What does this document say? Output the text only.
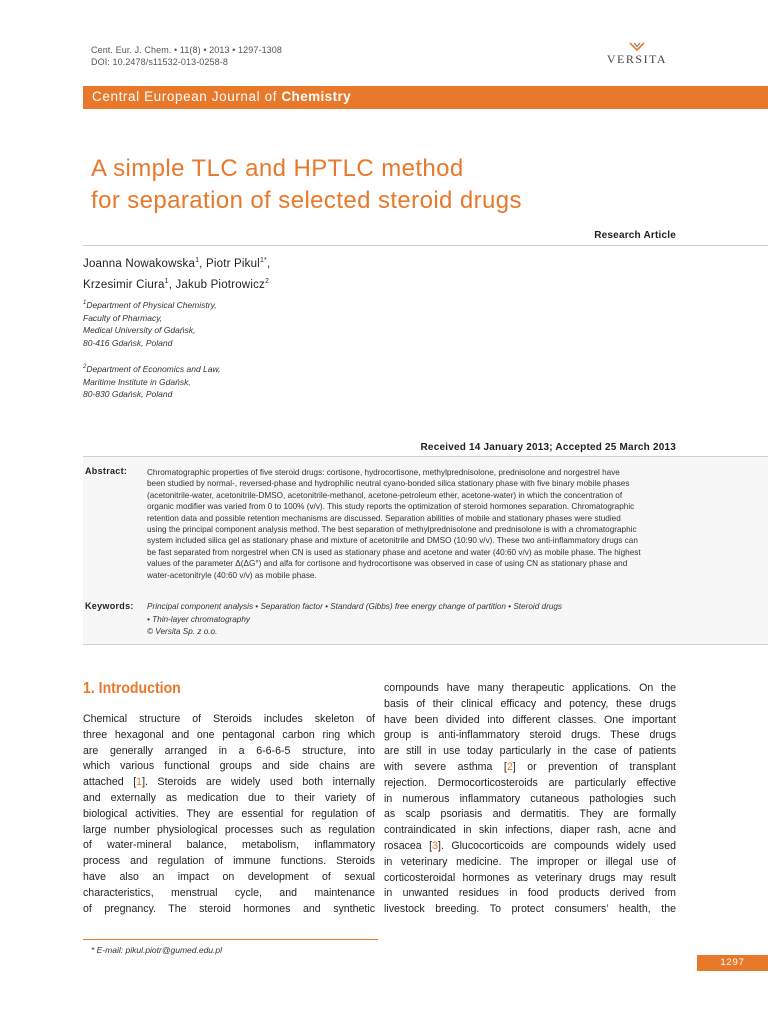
Cent. Eur. J. Chem. • 11(8) • 2013 • 1297-1308
DOI: 10.2478/s11532-013-0258-8	VERSITA
Central European Journal of Chemistry
A simple TLC and HPTLC method
for separation of selected steroid drugs
Research Article
Joanna Nowakowska$^1$, Piotr Pikul$^{1*}$,
Krzesimir Ciura$^1$, Jakub Piotrowicz$^2$
$^1$Department of Physical Chemistry,
Faculty of Pharmacy,
Medical University of Gdańsk,
80-416 Gdańsk, Poland
$^2$Department of Economics and Law,
Maritime Institute in Gdańsk,
80-830 Gdańsk, Poland
Received 14 January 2013; Accepted 25 March 2013
Abstract: Chromatographic properties of five steroid drugs: cortisone, hydrocortisone, methylprednisolone, prednisolone and norgestrel have
been studied by normal-, reversed-phase and hydrophilic neutral cyano-bonded silica stationary phase with five binary mobile phases
(acetonitrile-water, acetonitrile-DMSO, acetonitrile-methanol, acetone-petroleum ether, acetone-water) in which the concentration of
organic modifier was varied from 0 to 100% (v/v). This study reports the optimization of steroid hormones separation. Chromatographic
retention data and possible retention mechanisms are discussed. Separation abilities of mobile and stationary phases were studied
using the principal component analysis method. The best separation of methylprednisolone and prednisolone is with a chromatographic
system included silica gel as stationary phase and mixture of acetonitrile and DMSO (10:90 v/v). These two anti-inflammatory drugs can
be fast separated from norgestrel when CN is used as stationary phase and acetone and water (40:60 v/v) as mobile phase. The highest
values of the parameter Δ(ΔG°) and alfa for cortisone and hydrocortisone was observed in case of using CN as stationary phase and
water-acetonitryle (40:60 v/v) as mobile phase.
Keywords: Principal component analysis • Separation factor • Standard (Gibbs) free energy change of partition • Steroid drugs
• Thin-layer chromatography
© Versita Sp. z o.o.
1. Introduction
Chemical structure of Steroids includes skeleton of
three hexagonal and one pentagonal carbon ring which
are generally arranged in a 6-6-6-5 structure, into
which various functional groups and side chains are
attached [1]. Steroids are widely used both internally
and externally as medication due to their variety of
biological activities. They are essential for regulation of
large number physiological processes such as regulation
of water-mineral balance, metabolism, inflammatory
process and regulation of immune functions. Steroids
have also an impact on development of sexual
characteristics, menstrual cycle, and maintenance
of pregnancy. The steroid hormones and synthetic
compounds have many therapeutic applications. On the
basis of their clinical efficacy and potency, these drugs
have been divided into different classes. One important
group is anti-inflammatory steroid drugs. These drugs
are still in use today particularly in the case of patients
with severe asthma [2] or prevention of transplant
rejection. Dermocorticosteroids are particularly effective
in numerous inflammatory cutaneous pathologies such
as scalp psoriasis and dermatitis. They are formally
contraindicated in skin infections, diaper rash, acne and
rosacea [3]. Glucocorticoids are compounds widely used
in veterinary medicine. The improper or illegal use of
corticosteroidal hormones as veterinary drugs may result
in unwanted residues in food products derived from
livestock breeding. To protect consumers’ health, the
* E-mail: pikul.piotr@gumed.edu.pl
1297
